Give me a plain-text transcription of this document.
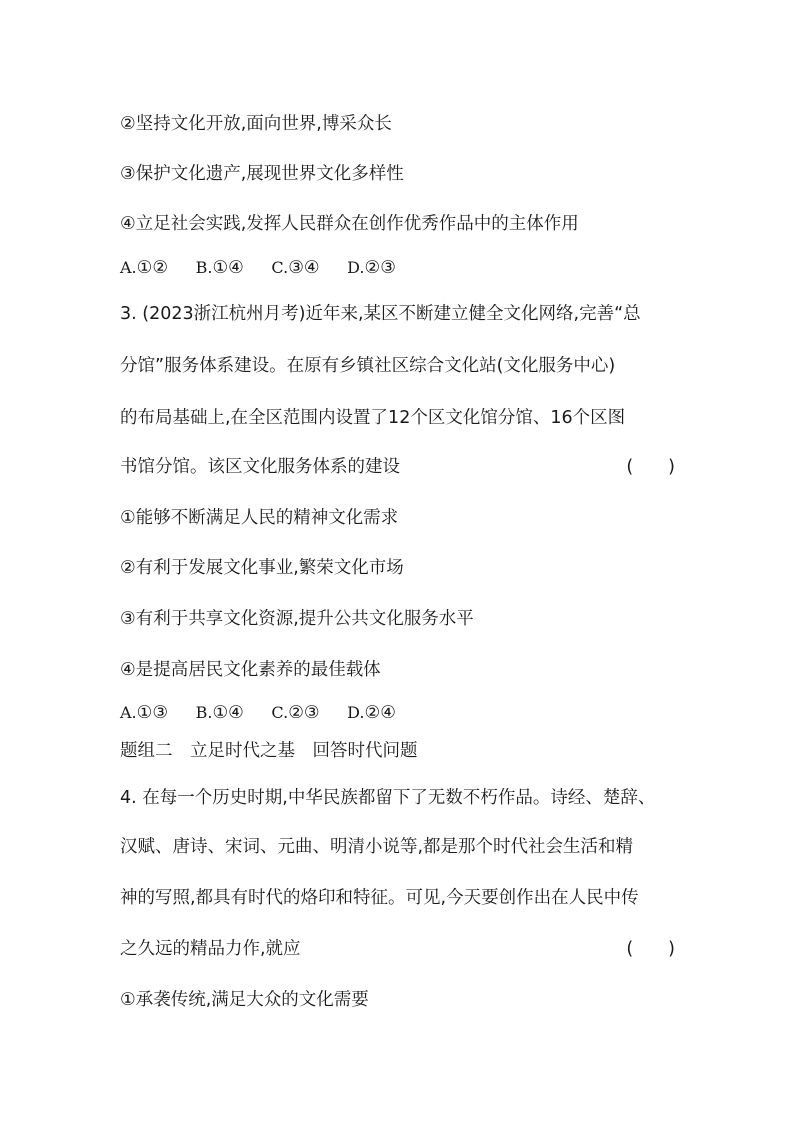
②坚持文化开放,面向世界,博采众长
③保护文化遗产,展现世界文化多样性
④立足社会实践,发挥人民群众在创作优秀作品中的主体作用
A.①② B.①④ C.③④ D.②③
3. (2023浙江杭州月考)近年来,某区不断建立健全文化网络,完善“总
分馆”服务体系建设。在原有乡镇社区综合文化站(文化服务中心)
的布局基础上,在全区范围内设置了12个区文化馆分馆、16个区图
书馆分馆。该区文化服务体系的建设	(　　)
①能够不断满足人民的精神文化需求
②有利于发展文化事业,繁荣文化市场
③有利于共享文化资源,提升公共文化服务水平
④是提高居民文化素养的最佳载体
A.①③ B.①④ C.②③ D.②④
题组二　立足时代之基　回答时代问题
4. 在每一个历史时期,中华民族都留下了无数不朽作品。诗经、楚辞、
汉赋、唐诗、宋词、元曲、明清小说等,都是那个时代社会生活和精
神的写照,都具有时代的烙印和特征。可见,今天要创作出在人民中传
之久远的精品力作,就应	(　　)
①承袭传统,满足大众的文化需要
